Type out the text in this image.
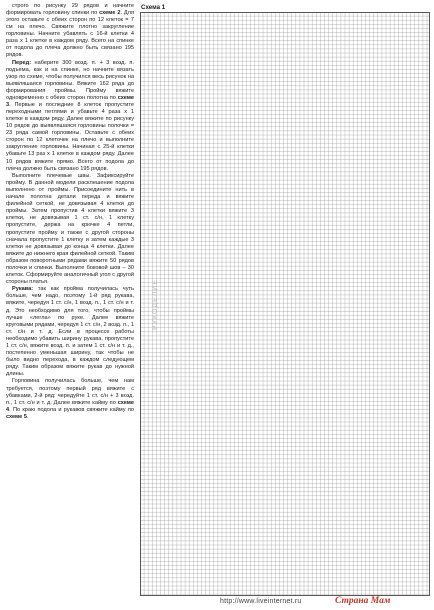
строго по рисунку 29 рядов и начните формировать горловину спинки по схеме 2. Для этого оставьте с обеих сторон по 12 клеток = 7 см на плечо. Свяжите плотно закругление горловины. Начните убавлять с 16-й клетки 4 раза х 1 клетке в каждом ряду. Всего на спинке от подола до плеча должно быть связано 195 рядов.

Перед: наберите 300 возд. п. + 3 возд. п. подъема, как и на спинке, но начните вязать узор по схеме, чтобы получился весь рисунок на выявляшаяся горловины. Вяжите 162 ряда до формирования проймы. Пройму вяжите одновременно с обеих сторон полотна по схеме 3. Первые и последние 8 клеток пропустите переходными петлями и убавьте 4 раза х 1 клетке в каждом ряду. Далее вяжите по рисунку 10 рядов до выявляшаяся горловины полочки = 23 ряда самой горловины. Оставьте с обеих сторон по 12 клеточек на плечо и выполните закругление горловины. Начиная с 25-й клетки убавьте 13 раз х 1 клетке в каждом ряду. Далее 10 рядов вяжите прямо. Всего от подола до плеча должно быть связано 195 рядов.

Выполните плечевые швы. Зафиксируйте пройму. В данной модели расклешение подола выполнено от проймы. Присоедините нить в начале полотна детали переда и вяжите филейной сеткой, не довязывая 4 клетки до проймы. Затем пропустив 4 клетки вяжите 3 клетки, не довязывая 1 ст. с/н, 1 клетку пропустите, держа на крючке 4 петли, пропустите пройму и также с другой стороны сначала пропустите 1 клетку и затем каждые 3 клетки не довязывая до конца 4 клетки. Далее вяжите до нижнего края филейной сеткой. Таким образом поворотными рядами вяжите 50 рядов полочки и спинки. Выполните боковой шов – 30 клеток. Сформируйте аналогичный угол с другой стороны платья.

Рукава: так как пройма получилась чуть больше, чем надо, поэтому 1-й ряд рукава, вяжите, чередуя 1 ст. с/н, 1 возд. п., 1 ст. с/н и т. д. Это необходимо для того, чтобы проймы лучше «легла» по руке. Далее вяжите круговыми рядами, чередуя 1 ст. с/н, 2 возд. п., 1 ст. с/н и т. д. Если в процессе работы необходимо убавить ширину рукава, пропустите 1 ст. с/н, вяжите возд. п. и затем 1 ст. с/н и т. д., постепенно уменьшая ширину, так чтобы не было видно перехода, в каждом следующем ряду. Таким образом вяжите рукав до нужной длины.

Горловина получилась больше, чем нам требуется, поэтому первый ряд вяжите с убавками, 2-й ряд: чередуйте 1 ст. с/н + 3 возд. п., 1 ст. с/н и т. д. Далее вяжите кайму по схеме 4. По краю подола и рукавов свяжите кайму по схеме 5.

Схема 1
РУКОДЕЛИЕ
http://www.liveinternet.ru	Страна Мам
